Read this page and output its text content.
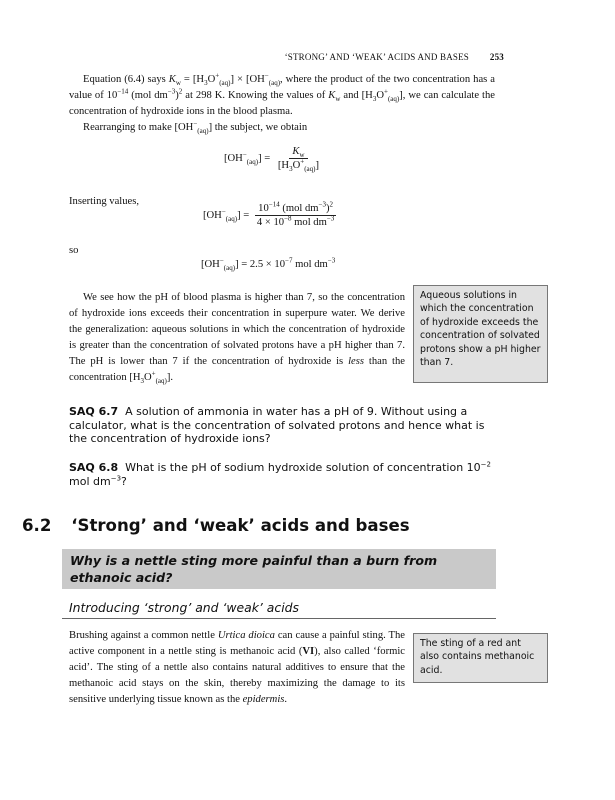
‘STRONG’ AND ‘WEAK’ ACIDS AND BASES 253

Equation (6.4) says $K_w = [H_3O^+_{(aq)}] \times [OH^-_{(aq)}$, where the product of the two concentration has a value of $10^{-14}$ (mol $dm^{-3})^2$ at 298 K. Knowing the values of $K_w$ and $[H_3O^+_{(aq)}]$, we can calculate the concentration of hydroxide ions in the blood plasma.

Rearranging to make $[OH^-_{(aq)}]$ the subject, we obtain

$[OH^-_{(aq)}] = \frac{K_w}{[H_3O^+_{(aq)}]}$
Inserting values,
$[OH^-_{(aq)}] = \frac{10^{-14} (mol dm^{-3})^2}{4 \times 10^{-8} mol dm^{-3}}$
so
$[OH^-_{(aq)}] = 2.5 \times 10^{-7}$ mol $dm^{-3}$

We see how the pH of blood plasma is higher than 7, so the concentration of hydroxide ions exceeds their concentration in superpure water. We derive the generalization: aqueous solutions in which the concentration of hydroxide is greater than the concentration of solvated protons have a pH higher than 7. The pH is lower than 7 if the concentration of hydroxide is less than the concentration $[H_3O^+_{(aq)}]$.

Aqueous solutions in which the concentration of hydroxide exceeds the concentration of solvated protons show a pH higher than 7.
SAQ 6.7 A solution of ammonia in water has a pH of 9. Without using a calculator, what is the concentration of solvated protons and hence what is the concentration of hydroxide ions?
SAQ 6.8 What is the pH of sodium hydroxide solution of concentration $10^{-2}$ mol $dm^{-3}$?
6.2 ‘Strong’ and ‘weak’ acids and bases
Why is a nettle sting more painful than a burn from ethanoic acid?
Introducing ‘strong’ and ‘weak’ acids

Brushing against a common nettle Urtica dioica can cause a painful sting. The active component in a nettle sting is methanoic acid (VI), also called ‘formic acid’. The sting of a nettle also contains natural additives to ensure that the methanoic acid stays on the skin, thereby maximizing the damage to its sensitive underlying tissue known as the epidermis.

The sting of a red ant also contains methanoic acid.
